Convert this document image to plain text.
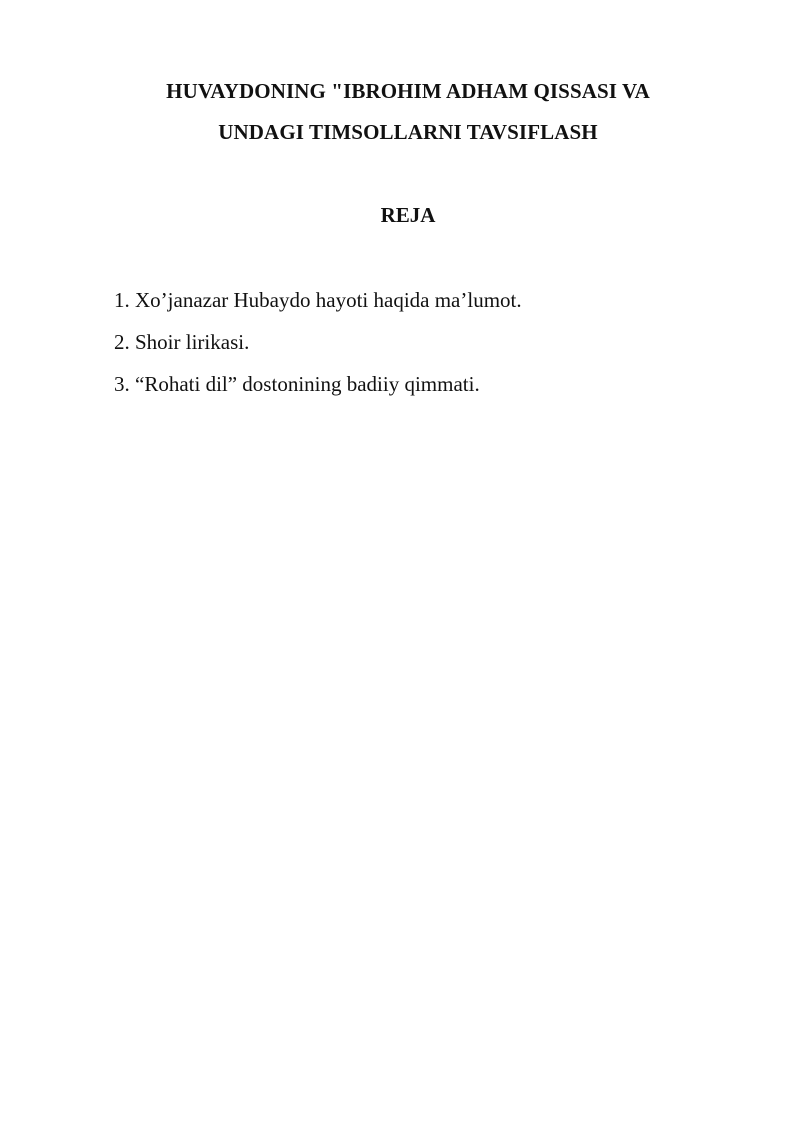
HUVAYDONING "IBROHIM ADHAM QISSASI VA
UNDAGI TIMSOLLARNI TAVSIFLASH
REJA
1. Xo’janazar Hubaydo hayoti haqida ma’lumot.
2. Shoir lirikasi.
3. “Rohati dil” dostonining badiiy qimmati.
